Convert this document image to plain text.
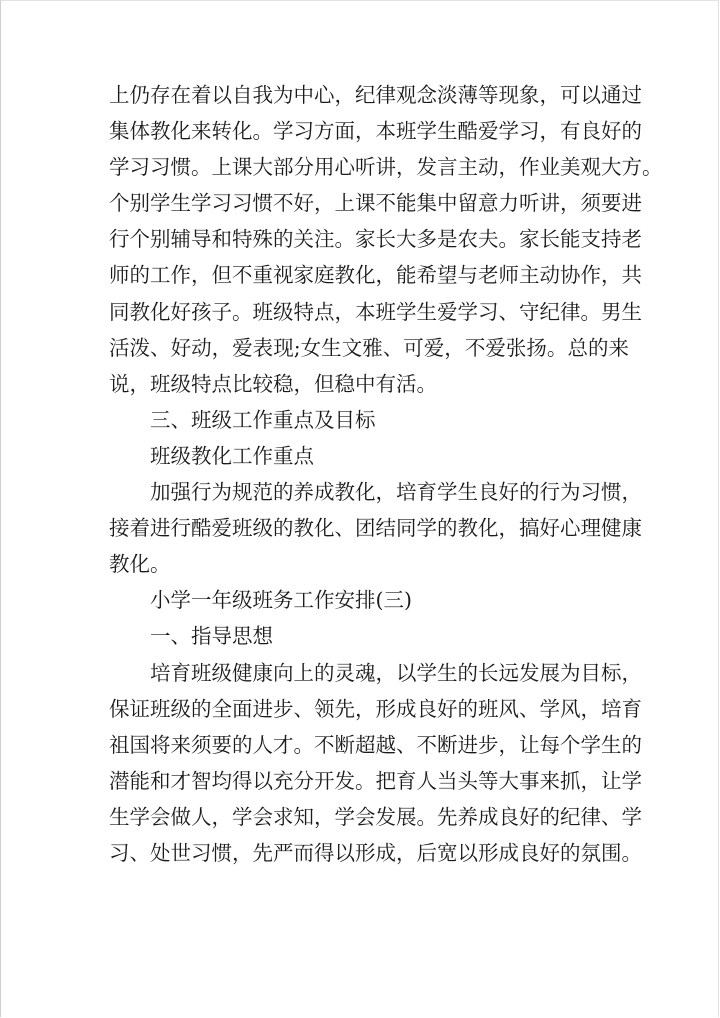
上仍存在着以自我为中心，纪律观念淡薄等现象，可以通过
集体教化来转化。学习方面，本班学生酷爱学习，有良好的
学习习惯。上课大部分用心听讲，发言主动，作业美观大方。
个别学生学习习惯不好，上课不能集中留意力听讲，须要进
行个别辅导和特殊的关注。家长大多是农夫。家长能支持老
师的工作，但不重视家庭教化，能希望与老师主动协作，共
同教化好孩子。班级特点，本班学生爱学习、守纪律。男生
活泼、好动，爱表现;女生文雅、可爱，不爱张扬。总的来
说，班级特点比较稳，但稳中有活。
三、班级工作重点及目标
班级教化工作重点
加强行为规范的养成教化，培育学生良好的行为习惯，
接着进行酷爱班级的教化、团结同学的教化，搞好心理健康
教化。
小学一年级班务工作安排(三)
一、指导思想
培育班级健康向上的灵魂，以学生的长远发展为目标，
保证班级的全面进步、领先，形成良好的班风、学风，培育
祖国将来须要的人才。不断超越、不断进步，让每个学生的
潜能和才智均得以充分开发。把育人当头等大事来抓，让学
生学会做人，学会求知，学会发展。先养成良好的纪律、学
习、处世习惯，先严而得以形成，后宽以形成良好的氛围。
